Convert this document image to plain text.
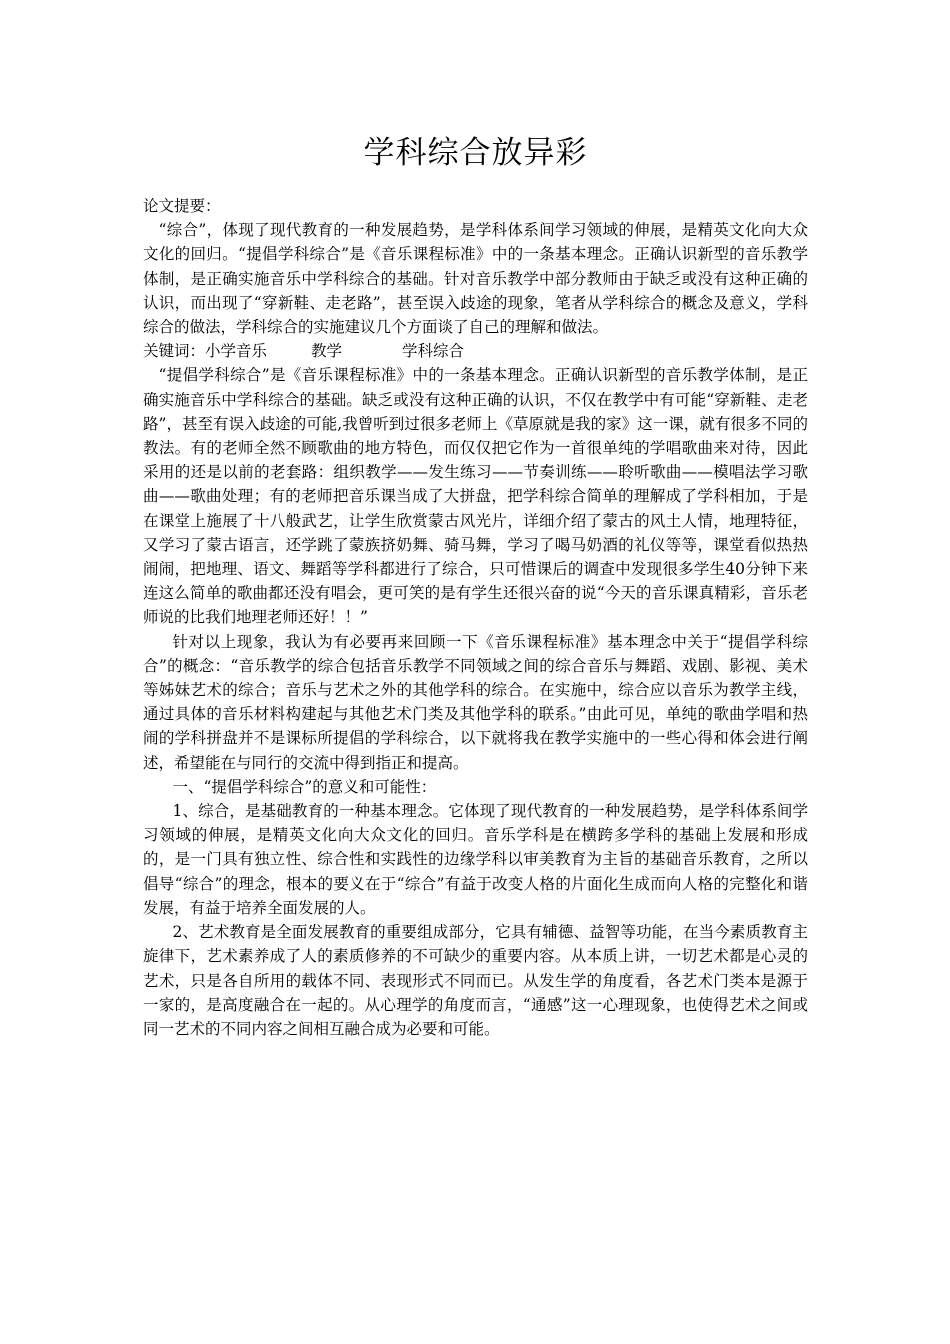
学科综合放异彩

论文提要：

“综合”，体现了现代教育的一种发展趋势，是学科体系间学习领域的伸展，是精英文化向大众文化的回归。“提倡学科综合”是《音乐课程标准》中的一条基本理念。正确认识新型的音乐教学体制，是正确实施音乐中学科综合的基础。针对音乐教学中部分教师由于缺乏或没有这种正确的认识，而出现了“穿新鞋、走老路”，甚至误入歧途的现象，笔者从学科综合的概念及意义，学科综合的做法，学科综合的实施建议几个方面谈了自己的理解和做法。

关键词：小学音乐	教学	学科综合

“提倡学科综合”是《音乐课程标准》中的一条基本理念。正确认识新型的音乐教学体制，是正确实施音乐中学科综合的基础。缺乏或没有这种正确的认识，不仅在教学中有可能“穿新鞋、走老路”，甚至有误入歧途的可能,我曾听到过很多老师上《草原就是我的家》这一课，就有很多不同的教法。有的老师全然不顾歌曲的地方特色，而仅仅把它作为一首很单纯的学唱歌曲来对待，因此采用的还是以前的老套路：组织教学——发生练习——节奏训练——聆听歌曲——模唱法学习歌曲——歌曲处理；有的老师把音乐课当成了大拼盘，把学科综合简单的理解成了学科相加，于是在课堂上施展了十八般武艺，让学生欣赏蒙古风光片，详细介绍了蒙古的风土人情，地理特征，又学习了蒙古语言，还学跳了蒙族挤奶舞、骑马舞，学习了喝马奶酒的礼仪等等，课堂看似热热闹闹，把地理、语文、舞蹈等学科都进行了综合，只可惜课后的调查中发现很多学生40分钟下来连这么简单的歌曲都还没有唱会，更可笑的是有学生还很兴奋的说“今天的音乐课真精彩，音乐老师说的比我们地理老师还好！！”

针对以上现象，我认为有必要再来回顾一下《音乐课程标准》基本理念中关于“提倡学科综合”的概念：“音乐教学的综合包括音乐教学不同领域之间的综合音乐与舞蹈、戏剧、影视、美术等姊妹艺术的综合；音乐与艺术之外的其他学科的综合。在实施中，综合应以音乐为教学主线，通过具体的音乐材料构建起与其他艺术门类及其他学科的联系。”由此可见，单纯的歌曲学唱和热闹的学科拼盘并不是课标所提倡的学科综合，以下就将我在教学实施中的一些心得和体会进行阐述，希望能在与同行的交流中得到指正和提高。

一、“提倡学科综合”的意义和可能性：

1、综合，是基础教育的一种基本理念。它体现了现代教育的一种发展趋势，是学科体系间学习领域的伸展，是精英文化向大众文化的回归。音乐学科是在横跨多学科的基础上发展和形成的，是一门具有独立性、综合性和实践性的边缘学科以审美教育为主旨的基础音乐教育，之所以倡导“综合”的理念，根本的要义在于“综合”有益于改变人格的片面化生成而向人格的完整化和谐发展，有益于培养全面发展的人。

2、艺术教育是全面发展教育的重要组成部分，它具有辅德、益智等功能，在当今素质教育主旋律下，艺术素养成了人的素质修养的不可缺少的重要内容。从本质上讲，一切艺术都是心灵的艺术，只是各自所用的载体不同、表现形式不同而已。从发生学的角度看，各艺术门类本是源于一家的，是高度融合在一起的。从心理学的角度而言，“通感”这一心理现象，也使得艺术之间或同一艺术的不同内容之间相互融合成为必要和可能。
